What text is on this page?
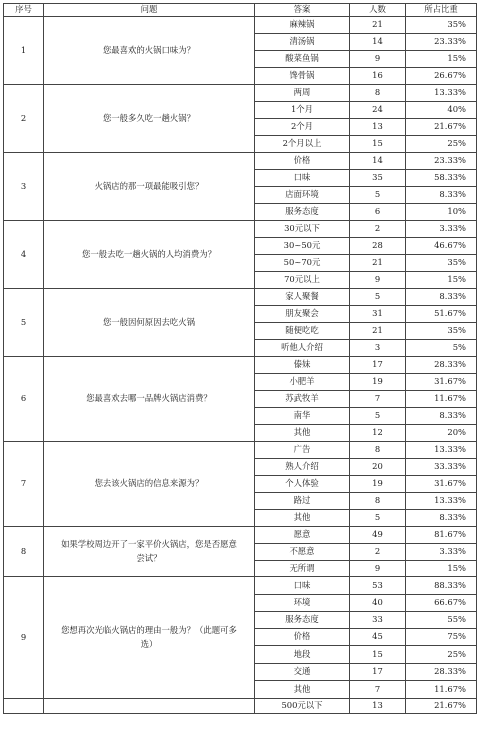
序号	问题	答案	人数	所占比重
1	您最喜欢的火锅口味为？	麻辣锅	21	35%
		清汤锅	14	23.33%
		酸菜鱼锅	9	15%
		馋骨锅	16	26.67%
2	您一般多久吃一趟火锅？	两周	8	13.33%
		1个月	24	40%
		2个月	13	21.67%
		2个月以上	15	25%
3	火锅店的那一项最能吸引您？	价格	14	23.33%
		口味	35	58.33%
		店面环境	5	8.33%
		服务态度	6	10%
4	您一般去吃一趟火锅的人均消费为？	30元以下	2	3.33%
		30~50元	28	46.67%
		50~70元	21	35%
		70元以上	9	15%
5	您一般因何原因去吃火锅	家人聚餐	5	8.33%
		朋友聚会	31	51.67%
		随便吃吃	21	35%
		听他人介绍	3	5%
6	您最喜欢去哪一品牌火锅店消费？	傣妹	17	28.33%
		小肥羊	19	31.67%
		苏武牧羊	7	11.67%
		南华	5	8.33%
		其他	12	20%
7	您去该火锅店的信息来源为？	广告	8	13.33%
		熟人介绍	20	33.33%
		个人体验	19	31.67%
		路过	8	13.33%
		其他	5	8.33%
8	如果学校周边开了一家平价火锅店，您是否愿意尝试？	愿意	49	81.67%
		不愿意	2	3.33%
		无所谓	9	15%
9	您想再次光临火锅店的理由一般为？（此题可多选）	口味	53	88.33%
		环境	40	66.67%
		服务态度	33	55%
		价格	45	75%
		地段	15	25%
		交通	17	28.33%
		其他	7	11.67%
		500元以下	13	21.67%
